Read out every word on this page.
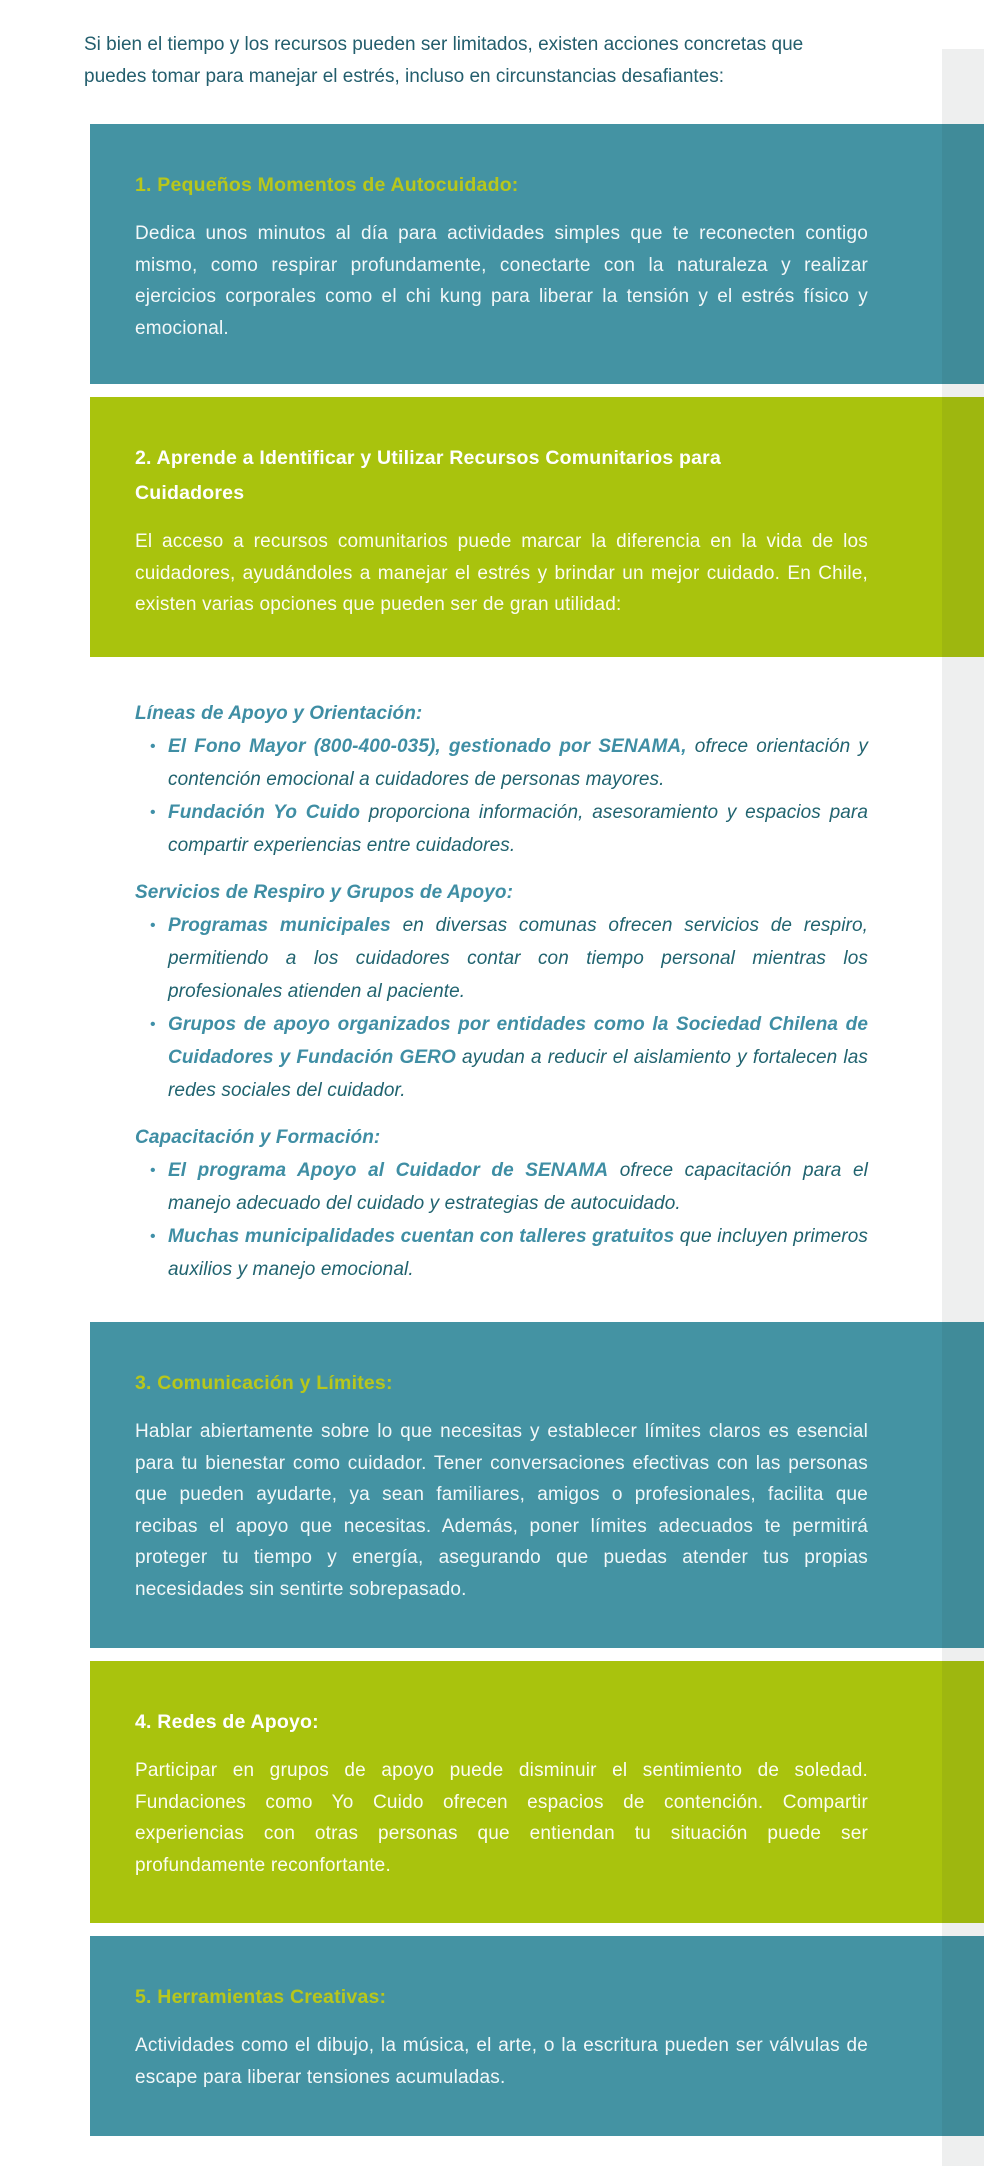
Si bien el tiempo y los recursos pueden ser limitados, existen acciones concretas que puedes tomar para manejar el estrés, incluso en circunstancias desafiantes:

1. Pequeños Momentos de Autocuidado:

Dedica unos minutos al día para actividades simples que te reconecten contigo mismo, como respirar profundamente, conectarte con la naturaleza y realizar ejercicios corporales como el chi kung para liberar la tensión y el estrés físico y emocional.

2. Aprende a Identificar y Utilizar Recursos Comunitarios para Cuidadores

El acceso a recursos comunitarios puede marcar la diferencia en la vida de los cuidadores, ayudándoles a manejar el estrés y brindar un mejor cuidado. En Chile, existen varias opciones que pueden ser de gran utilidad:

Líneas de Apoyo y Orientación:

• El Fono Mayor (800-400-035), gestionado por SENAMA, ofrece orientación y contención emocional a cuidadores de personas mayores.
• Fundación Yo Cuido proporciona información, asesoramiento y espacios para compartir experiencias entre cuidadores.

Servicios de Respiro y Grupos de Apoyo:

• Programas municipales en diversas comunas ofrecen servicios de respiro, permitiendo a los cuidadores contar con tiempo personal mientras los profesionales atienden al paciente.
• Grupos de apoyo organizados por entidades como la Sociedad Chilena de Cuidadores y Fundación GERO ayudan a reducir el aislamiento y fortalecen las redes sociales del cuidador.

Capacitación y Formación:

• El programa Apoyo al Cuidador de SENAMA ofrece capacitación para el manejo adecuado del cuidado y estrategias de autocuidado.
• Muchas municipalidades cuentan con talleres gratuitos que incluyen primeros auxilios y manejo emocional.
3. Comunicación y Límites:

Hablar abiertamente sobre lo que necesitas y establecer límites claros es esencial para tu bienestar como cuidador. Tener conversaciones efectivas con las personas que pueden ayudarte, ya sean familiares, amigos o profesionales, facilita que recibas el apoyo que necesitas. Además, poner límites adecuados te permitirá proteger tu tiempo y energía, asegurando que puedas atender tus propias necesidades sin sentirte sobrepasado.

4. Redes de Apoyo:

Participar en grupos de apoyo puede disminuir el sentimiento de soledad. Fundaciones como Yo Cuido ofrecen espacios de contención. Compartir experiencias con otras personas que entiendan tu situación puede ser profundamente reconfortante.

5. Herramientas Creativas:

Actividades como el dibujo, la música, el arte, o la escritura pueden ser válvulas de escape para liberar tensiones acumuladas.
